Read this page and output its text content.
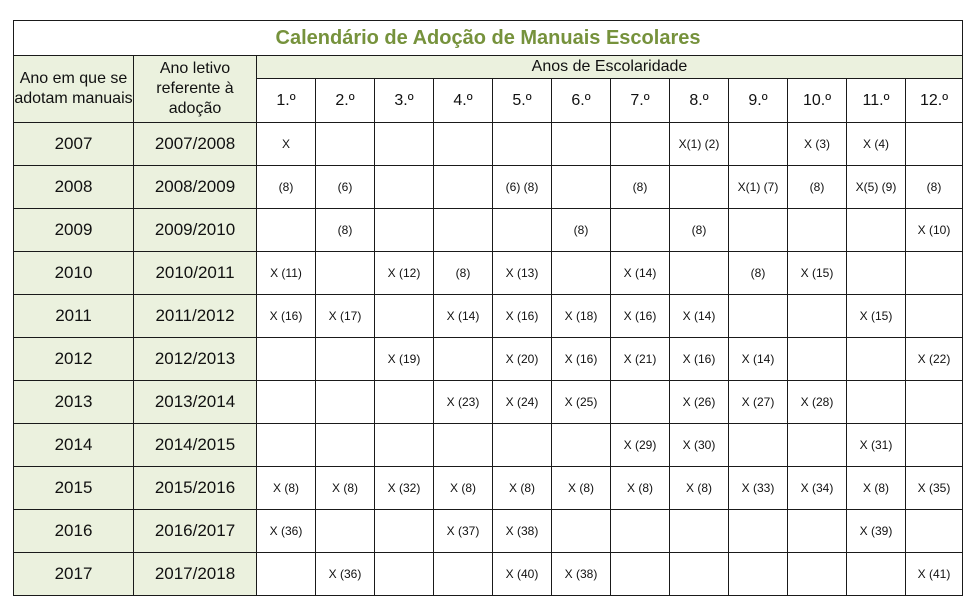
Calendário de Adoção de Manuais Escolares													
Ano em que se adotam manuais	Ano letivo referente à adoção	Anos de Escolaridade											
		1.º	2.º	3.º	4.º	5.º	6.º	7.º	8.º	9.º	10.º	11.º	12.º
2007	2007/2008	X							X(1) (2)		X (3)	X (4)	
2008	2008/2009	(8)	(6)			(6) (8)		(8)		X(1) (7)	(8)	X(5) (9)	(8)
2009	2009/2010		(8)				(8)		(8)				X (10)
2010	2010/2011	X (11)		X (12)	(8)	X (13)		X (14)		(8)	X (15)		
2011	2011/2012	X (16)	X (17)		X (14)	X (16)	X (18)	X (16)	X (14)			X (15)	
2012	2012/2013			X (19)		X (20)	X (16)	X (21)	X (16)	X (14)			X (22)
2013	2013/2014				X (23)	X (24)	X (25)		X (26)	X (27)	X (28)		
2014	2014/2015							X (29)	X (30)			X (31)	
2015	2015/2016	X (8)	X (8)	X (32)	X (8)	X (8)	X (8)	X (8)	X (8)	X (33)	X (34)	X (8)	X (35)
2016	2016/2017	X (36)			X (37)	X (38)						X (39)	
2017	2017/2018		X (36)			X (40)	X (38)						X (41)
